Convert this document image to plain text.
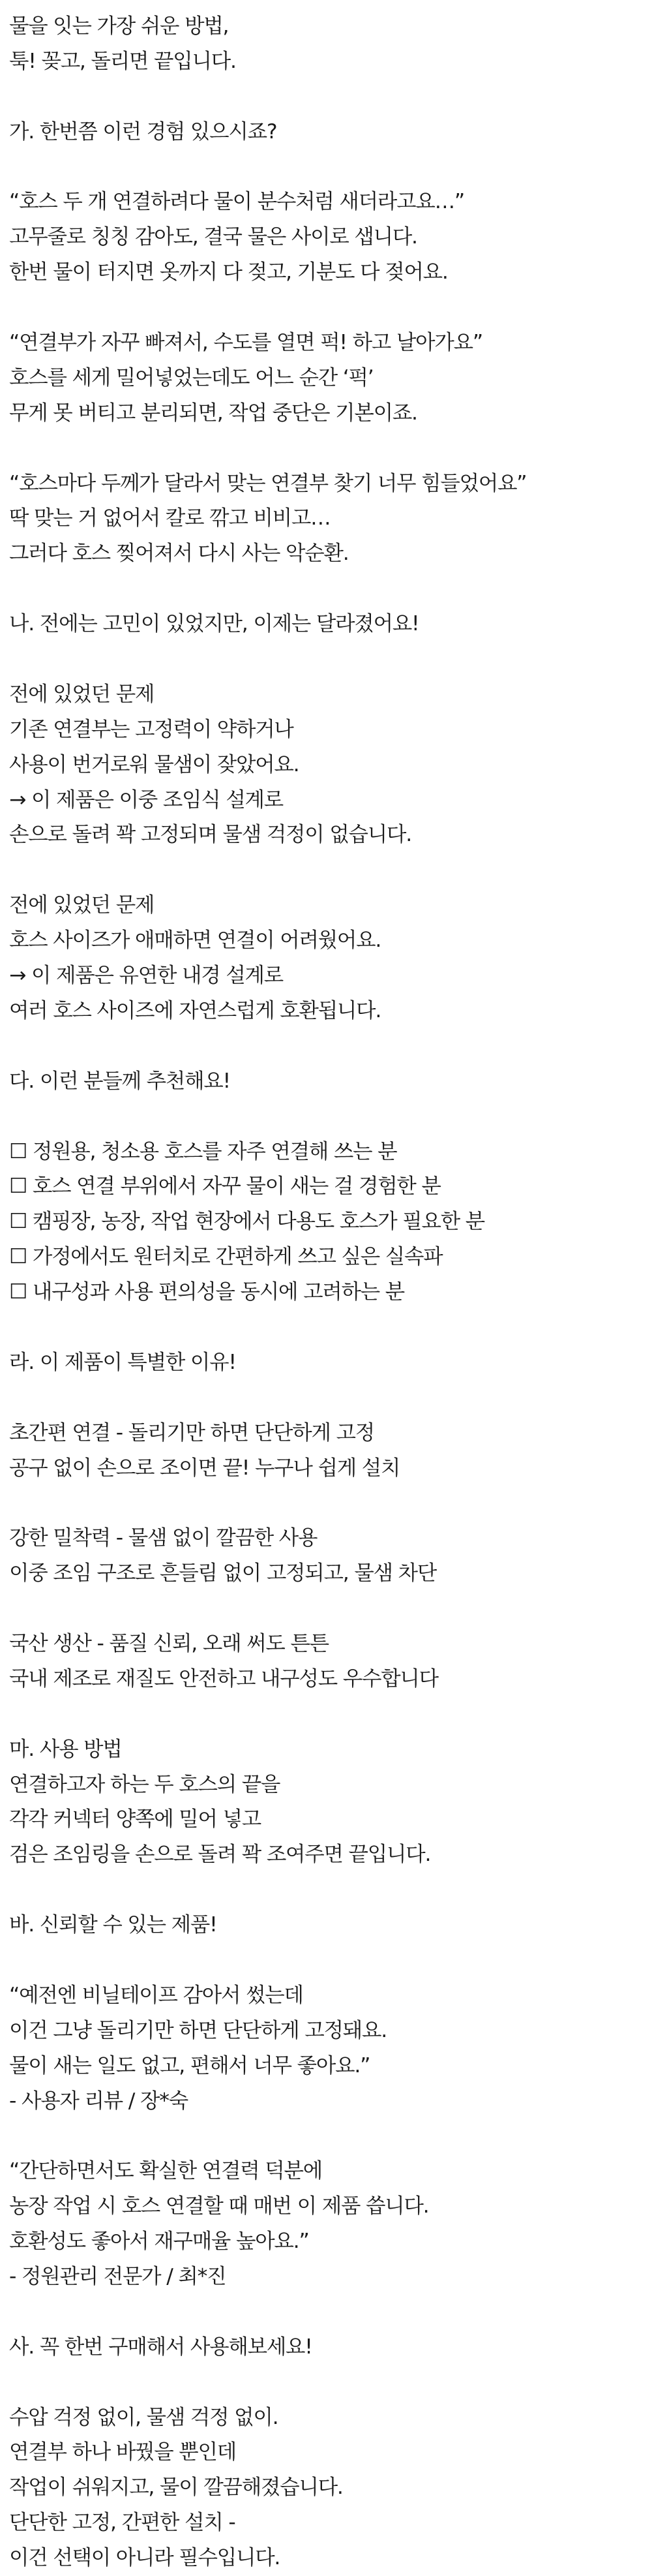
물을 잇는 가장 쉬운 방법,
툭! 꽂고, 돌리면 끝입니다.
가. 한번쯤 이런 경험 있으시죠?
“호스 두 개 연결하려다 물이 분수처럼 새더라고요…”
고무줄로 칭칭 감아도, 결국 물은 사이로 샙니다.
한번 물이 터지면 옷까지 다 젖고, 기분도 다 젖어요.
“연결부가 자꾸 빠져서, 수도를 열면 퍽! 하고 날아가요”
호스를 세게 밀어넣었는데도 어느 순간 ‘퍽’
무게 못 버티고 분리되면, 작업 중단은 기본이죠.
“호스마다 두께가 달라서 맞는 연결부 찾기 너무 힘들었어요”
딱 맞는 거 없어서 칼로 깎고 비비고…
그러다 호스 찢어져서 다시 사는 악순환.
나. 전에는 고민이 있었지만, 이제는 달라졌어요!
전에 있었던 문제
기존 연결부는 고정력이 약하거나
사용이 번거로워 물샘이 잦았어요.
→ 이 제품은 이중 조임식 설계로
손으로 돌려 꽉 고정되며 물샘 걱정이 없습니다.
전에 있었던 문제
호스 사이즈가 애매하면 연결이 어려웠어요.
→ 이 제품은 유연한 내경 설계로
여러 호스 사이즈에 자연스럽게 호환됩니다.
다. 이런 분들께 추천해요!
☐ 정원용, 청소용 호스를 자주 연결해 쓰는 분
☐ 호스 연결 부위에서 자꾸 물이 새는 걸 경험한 분
☐ 캠핑장, 농장, 작업 현장에서 다용도 호스가 필요한 분
☐ 가정에서도 원터치로 간편하게 쓰고 싶은 실속파
☐ 내구성과 사용 편의성을 동시에 고려하는 분
라. 이 제품이 특별한 이유!
초간편 연결 - 돌리기만 하면 단단하게 고정
공구 없이 손으로 조이면 끝! 누구나 쉽게 설치
강한 밀착력 - 물샘 없이 깔끔한 사용
이중 조임 구조로 흔들림 없이 고정되고, 물샘 차단
국산 생산 - 품질 신뢰, 오래 써도 튼튼
국내 제조로 재질도 안전하고 내구성도 우수합니다
마. 사용 방법
연결하고자 하는 두 호스의 끝을
각각 커넥터 양쪽에 밀어 넣고
검은 조임링을 손으로 돌려 꽉 조여주면 끝입니다.
바. 신뢰할 수 있는 제품!
“예전엔 비닐테이프 감아서 썼는데
이건 그냥 돌리기만 하면 단단하게 고정돼요.
물이 새는 일도 없고, 편해서 너무 좋아요.”
- 사용자 리뷰 / 장*숙
“간단하면서도 확실한 연결력 덕분에
농장 작업 시 호스 연결할 때 매번 이 제품 씁니다.
호환성도 좋아서 재구매율 높아요.”
- 정원관리 전문가 / 최*진
사. 꼭 한번 구매해서 사용해보세요!
수압 걱정 없이, 물샘 걱정 없이.
연결부 하나 바꿨을 뿐인데
작업이 쉬워지고, 물이 깔끔해졌습니다.
단단한 고정, 간편한 설치 -
이건 선택이 아니라 필수입니다.
